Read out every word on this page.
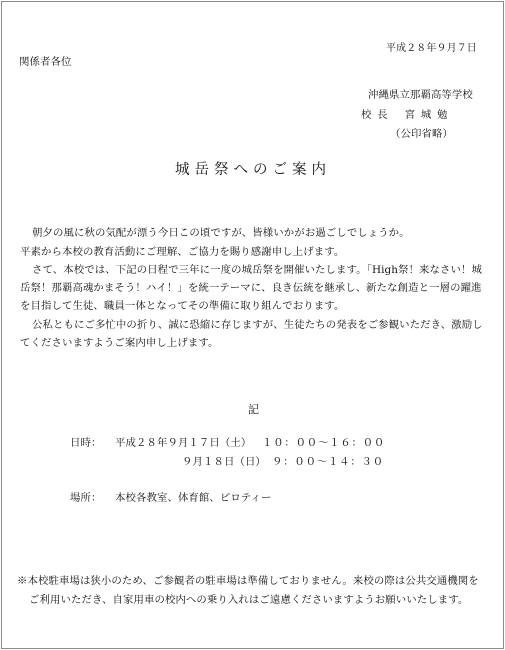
平成２８年９月７日
関係者各位
沖縄県立那覇高等学校
校 長　 宮 城 勉
（公印省略）
城岳祭へのご案内
朝夕の風に秋の気配が漂う今日この頃ですが、皆様いかがお過ごしでしょうか。
平素から本校の教育活動にご理解、ご協力を賜り感謝申し上げます。
さて、本校では、下記の日程で三年に一度の城岳祭を開催いたします。「High祭！来なさい！城
岳祭！那覇高魂かまそう！ハイ！」を統一テーマに、良き伝統を継承し、新たな創造と一層の躍進
を目指して生徒、職員一体となってその準備に取り組んでおります。
公私ともにご多忙中の折り、誠に恐縮に存じますが、生徒たちの発表をご参観いただき、激励し
てくださいますようご案内申し上げます。
記
日時： 平成２８年９月１７日（土） １０：００～１６：００
９月１８日（日） ９：００～１４：３０
場所： 本校各教室、体育館、ピロティー
※本校駐車場は狭小のため、ご参観者の駐車場は準備しておりません。来校の際は公共交通機関を
ご利用いただき、自家用車の校内への乗り入れはご遠慮くださいますようお願いいたします。
